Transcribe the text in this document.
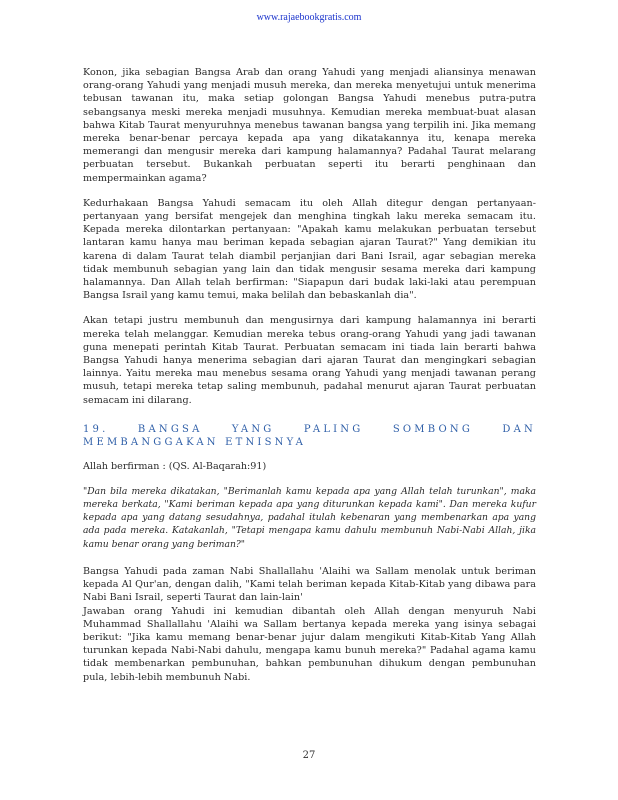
www.rajaebookgratis.com

Konon, jika sebagian Bangsa Arab dan orang Yahudi yang menjadi aliansinya menawan orang-orang Yahudi yang menjadi musuh mereka, dan mereka menyetujui untuk menerima tebusan tawanan itu, maka setiap golongan Bangsa Yahudi menebus putra-putra sebangsanya meski mereka menjadi musuhnya. Kemudian mereka membuat-buat alasan bahwa Kitab Taurat menyuruhnya menebus tawanan bangsa yang terpilih ini. Jika memang mereka benar-benar percaya kepada apa yang dikatakannya itu, kenapa mereka memerangi dan mengusir mereka dari kampung halamannya? Padahal Taurat melarang perbuatan tersebut. Bukankah perbuatan seperti itu berarti penghinaan dan mempermainkan agama?

Kedurhakaan Bangsa Yahudi semacam itu oleh Allah ditegur dengan pertanyaan-pertanyaan yang bersifat mengejek dan menghina tingkah laku mereka semacam itu. Kepada mereka dilontarkan pertanyaan: "Apakah kamu melakukan perbuatan tersebut lantaran kamu hanya mau beriman kepada sebagian ajaran Taurat?" Yang demikian itu karena di dalam Taurat telah diambil perjanjian dari Bani Israil, agar sebagian mereka tidak membunuh sebagian yang lain dan tidak mengusir sesama mereka dari kampung halamannya. Dan Allah telah berfirman: "Siapapun dari budak laki-laki atau perempuan Bangsa Israil yang kamu temui, maka belilah dan bebaskanlah dia".

Akan tetapi justru membunuh dan mengusirnya dari kampung halamannya ini berarti mereka telah melanggar. Kemudian mereka tebus orang-orang Yahudi yang jadi tawanan guna menepati perintah Kitab Taurat. Perbuatan semacam ini tiada lain berarti bahwa Bangsa Yahudi hanya menerima sebagian dari ajaran Taurat dan mengingkari sebagian lainnya. Yaitu mereka mau menebus sesama orang Yahudi yang menjadi tawanan perang musuh, tetapi mereka tetap saling membunuh, padahal menurut ajaran Taurat perbuatan semacam ini dilarang.

19. BANGSA YANG PALING SOMBONG DAN MEMBANGGAKAN ETNISNYA

Allah berfirman : (QS. Al-Baqarah:91)

"Dan bila mereka dikatakan, "Berimanlah kamu kepada apa yang Allah telah turunkan", maka mereka berkata, "Kami beriman kepada apa yang diturunkan kepada kami". Dan mereka kufur kepada apa yang datang sesudahnya, padahal itulah kebenaran yang membenarkan apa yang ada pada mereka. Katakanlah, "Tetapi mengapa kamu dahulu membunuh Nabi-Nabi Allah, jika kamu benar orang yang beriman?"

Bangsa Yahudi pada zaman Nabi Shallallahu 'Alaihi wa Sallam menolak untuk beriman kepada Al Qur'an, dengan dalih, "Kami telah beriman kepada Kitab-Kitab yang dibawa para Nabi Bani Israil, seperti Taurat dan lain-lain'

Jawaban orang Yahudi ini kemudian dibantah oleh Allah dengan menyuruh Nabi Muhammad Shallallahu 'Alaihi wa Sallam bertanya kepada mereka yang isinya sebagai berikut: "Jika kamu memang benar-benar jujur dalam mengikuti Kitab-Kitab Yang Allah turunkan kepada Nabi-Nabi dahulu, mengapa kamu bunuh mereka?" Padahal agama kamu tidak membenarkan pembunuhan, bahkan pembunuhan dihukum dengan pembunuhan pula, lebih-lebih membunuh Nabi.

27
